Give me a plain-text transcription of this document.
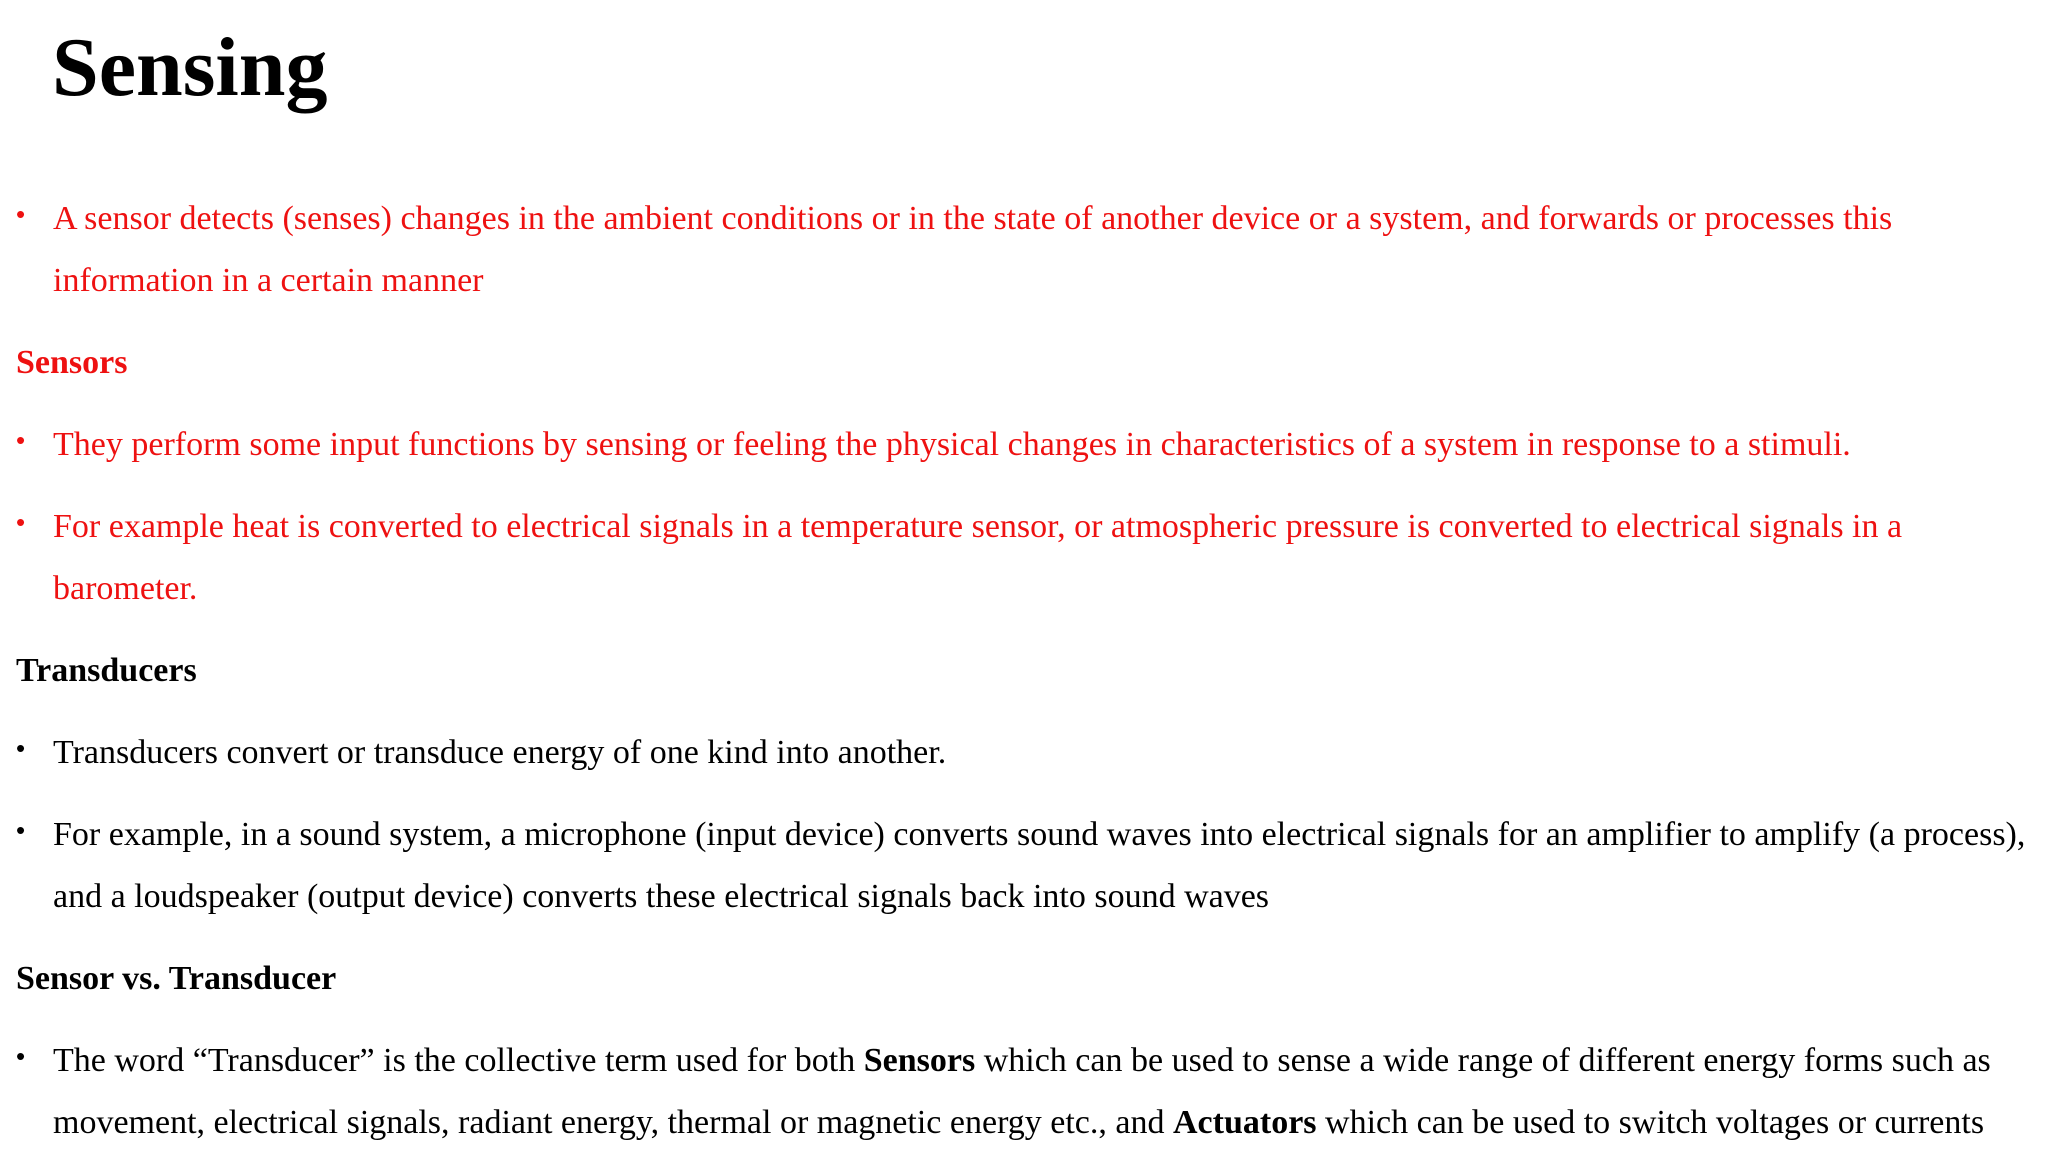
Sensing
• A sensor detects (senses) changes in the ambient conditions or in the state of another device or a system, and forwards or processes this information in a certain manner
Sensors
• They perform some input functions by sensing or feeling the physical changes in characteristics of a system in response to a stimuli.
• For example heat is converted to electrical signals in a temperature sensor, or atmospheric pressure is converted to electrical signals in a barometer.
Transducers
• Transducers convert or transduce energy of one kind into another.
• For example, in a sound system, a microphone (input device) converts sound waves into electrical signals for an amplifier to amplify (a process), and a loudspeaker (output device) converts these electrical signals back into sound waves
Sensor vs. Transducer
• The word “Transducer” is the collective term used for both Sensors which can be used to sense a wide range of different energy forms such as movement, electrical signals, radiant energy, thermal or magnetic energy etc., and Actuators which can be used to switch voltages or currents
